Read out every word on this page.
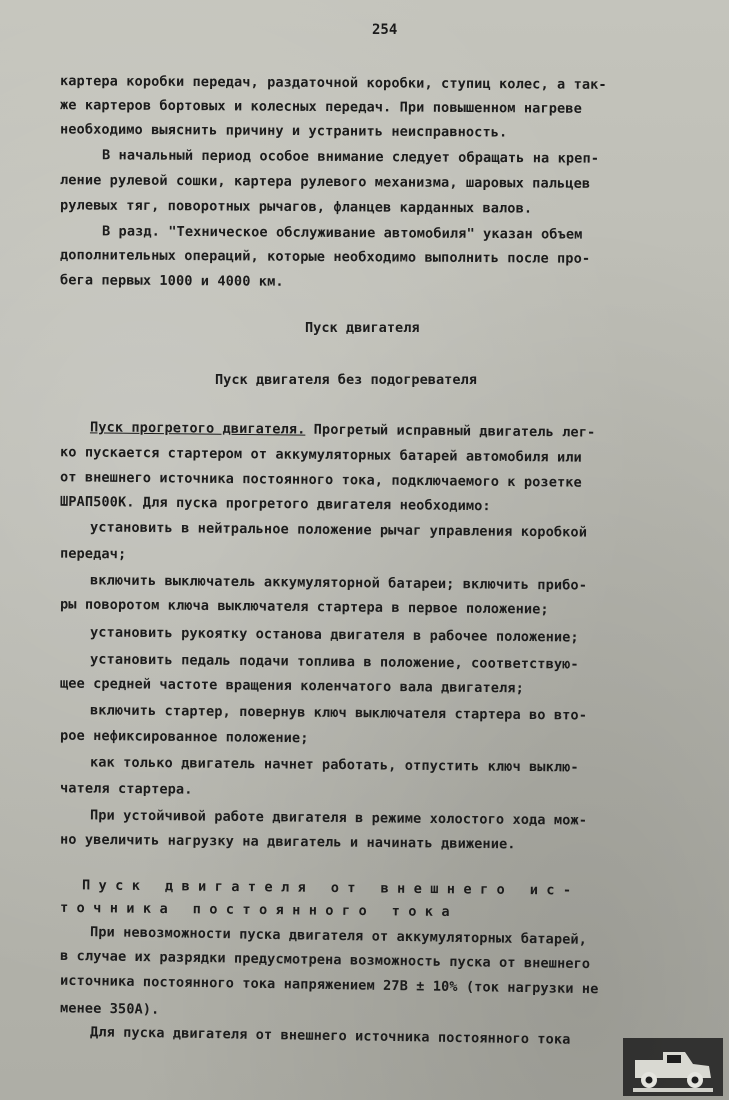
254
картера коробки передач, раздаточной коробки, ступиц колес, а так-
же картеров бортовых и колесных передач. При повышенном нагреве
необходимо выяснить причину и устранить неисправность.
В начальный период особое внимание следует обращать на креп-
ление рулевой сошки, картера рулевого механизма, шаровых пальцев
рулевых тяг, поворотных рычагов, фланцев карданных валов.
В разд. "Техническое обслуживание автомобиля" указан объем
дополнительных операций, которые необходимо выполнить после про-
бега первых 1000 и 4000 км.
Пуск двигателя
Пуск двигателя без подогревателя
Пуск прогретого двигателя. Прогретый исправный двигатель лег-
ко пускается стартером от аккумуляторных батарей автомобиля или
от внешнего источника постоянного тока, подключаемого к розетке
ШРАП500К. Для пуска прогретого двигателя необходимо:
установить в нейтральное положение рычаг управления коробкой
передач;
включить выключатель аккумуляторной батареи; включить прибо-
ры поворотом ключа выключателя стартера в первое положение;
установить рукоятку останова двигателя в рабочее положение;
установить педаль подачи топлива в положение, соответствую-
щее средней частоте вращения коленчатого вала двигателя;
включить стартер, повернув ключ выключателя стартера во вто-
рое нефиксированное положение;
как только двигатель начнет работать, отпустить ключ выклю-
чателя стартера.
При устойчивой работе двигателя в режиме холостого хода мож-
но увеличить нагрузку на двигатель и начинать движение.
Пуск двигателя от внешнего ис-
точника постоянного тока
При невозможности пуска двигателя от аккумуляторных батарей,
в случае их разрядки предусмотрена возможность пуска от внешнего
источника постоянного тока напряжением 27В ± 10% (ток нагрузки не
менее 350А).
Для пуска двигателя от внешнего источника постоянного тока
